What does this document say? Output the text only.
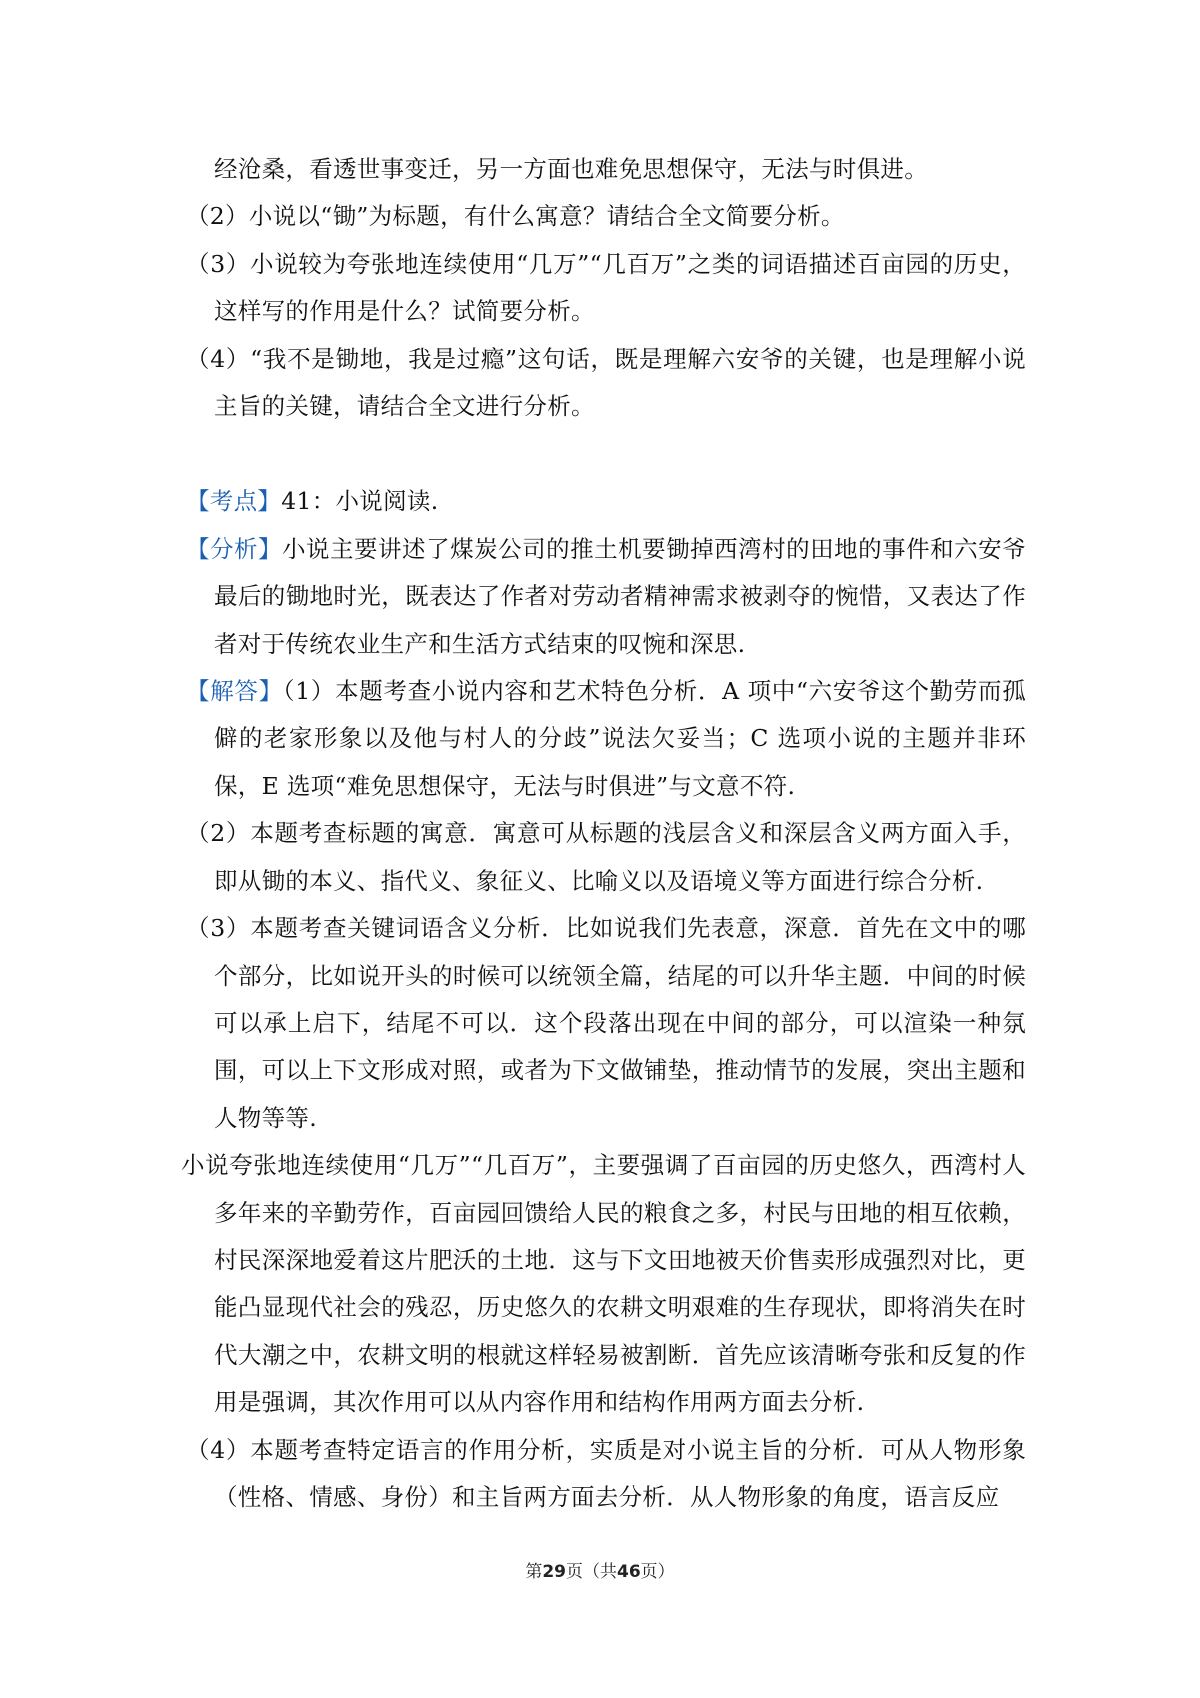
经沧桑，看透世事变迁，另一方面也难免思想保守，无法与时俱进。

（2）小说以“锄”为标题，有什么寓意？请结合全文简要分析。

（3）小说较为夸张地连续使用“几万”“几百万”之类的词语描述百亩园的历史，这样写的作用是什么？试简要分析。

（4）“我不是锄地，我是过瘾”这句话，既是理解六安爷的关键，也是理解小说主旨的关键，请结合全文进行分析。

【考点】41：小说阅读.

【分析】小说主要讲述了煤炭公司的推土机要锄掉西湾村的田地的事件和六安爷最后的锄地时光，既表达了作者对劳动者精神需求被剥夺的惋惜，又表达了作者对于传统农业生产和生活方式结束的叹惋和深思.

【解答】（1）本题考查小说内容和艺术特色分析．A 项中“六安爷这个勤劳而孤僻的老家形象以及他与村人的分歧”说法欠妥当；C 选项小说的主题并非环保，E 选项“难免思想保守，无法与时俱进”与文意不符.

（2）本题考查标题的寓意．寓意可从标题的浅层含义和深层含义两方面入手，即从锄的本义、指代义、象征义、比喻义以及语境义等方面进行综合分析.

（3）本题考查关键词语含义分析．比如说我们先表意，深意．首先在文中的哪个部分，比如说开头的时候可以统领全篇，结尾的可以升华主题．中间的时候可以承上启下，结尾不可以．这个段落出现在中间的部分，可以渲染一种氛围，可以上下文形成对照，或者为下文做铺垫，推动情节的发展，突出主题和人物等等.

小说夸张地连续使用“几万”“几百万”，主要强调了百亩园的历史悠久，西湾村人多年来的辛勤劳作，百亩园回馈给人民的粮食之多，村民与田地的相互依赖，村民深深地爱着这片肥沃的土地．这与下文田地被天价售卖形成强烈对比，更能凸显现代社会的残忍，历史悠久的农耕文明艰难的生存现状，即将消失在时代大潮之中，农耕文明的根就这样轻易被割断．首先应该清晰夸张和反复的作用是强调，其次作用可以从内容作用和结构作用两方面去分析.

（4）本题考查特定语言的作用分析，实质是对小说主旨的分析．可从人物形象（性格、情感、身份）和主旨两方面去分析．从人物形象的角度，语言反应

第29页（共46页）
